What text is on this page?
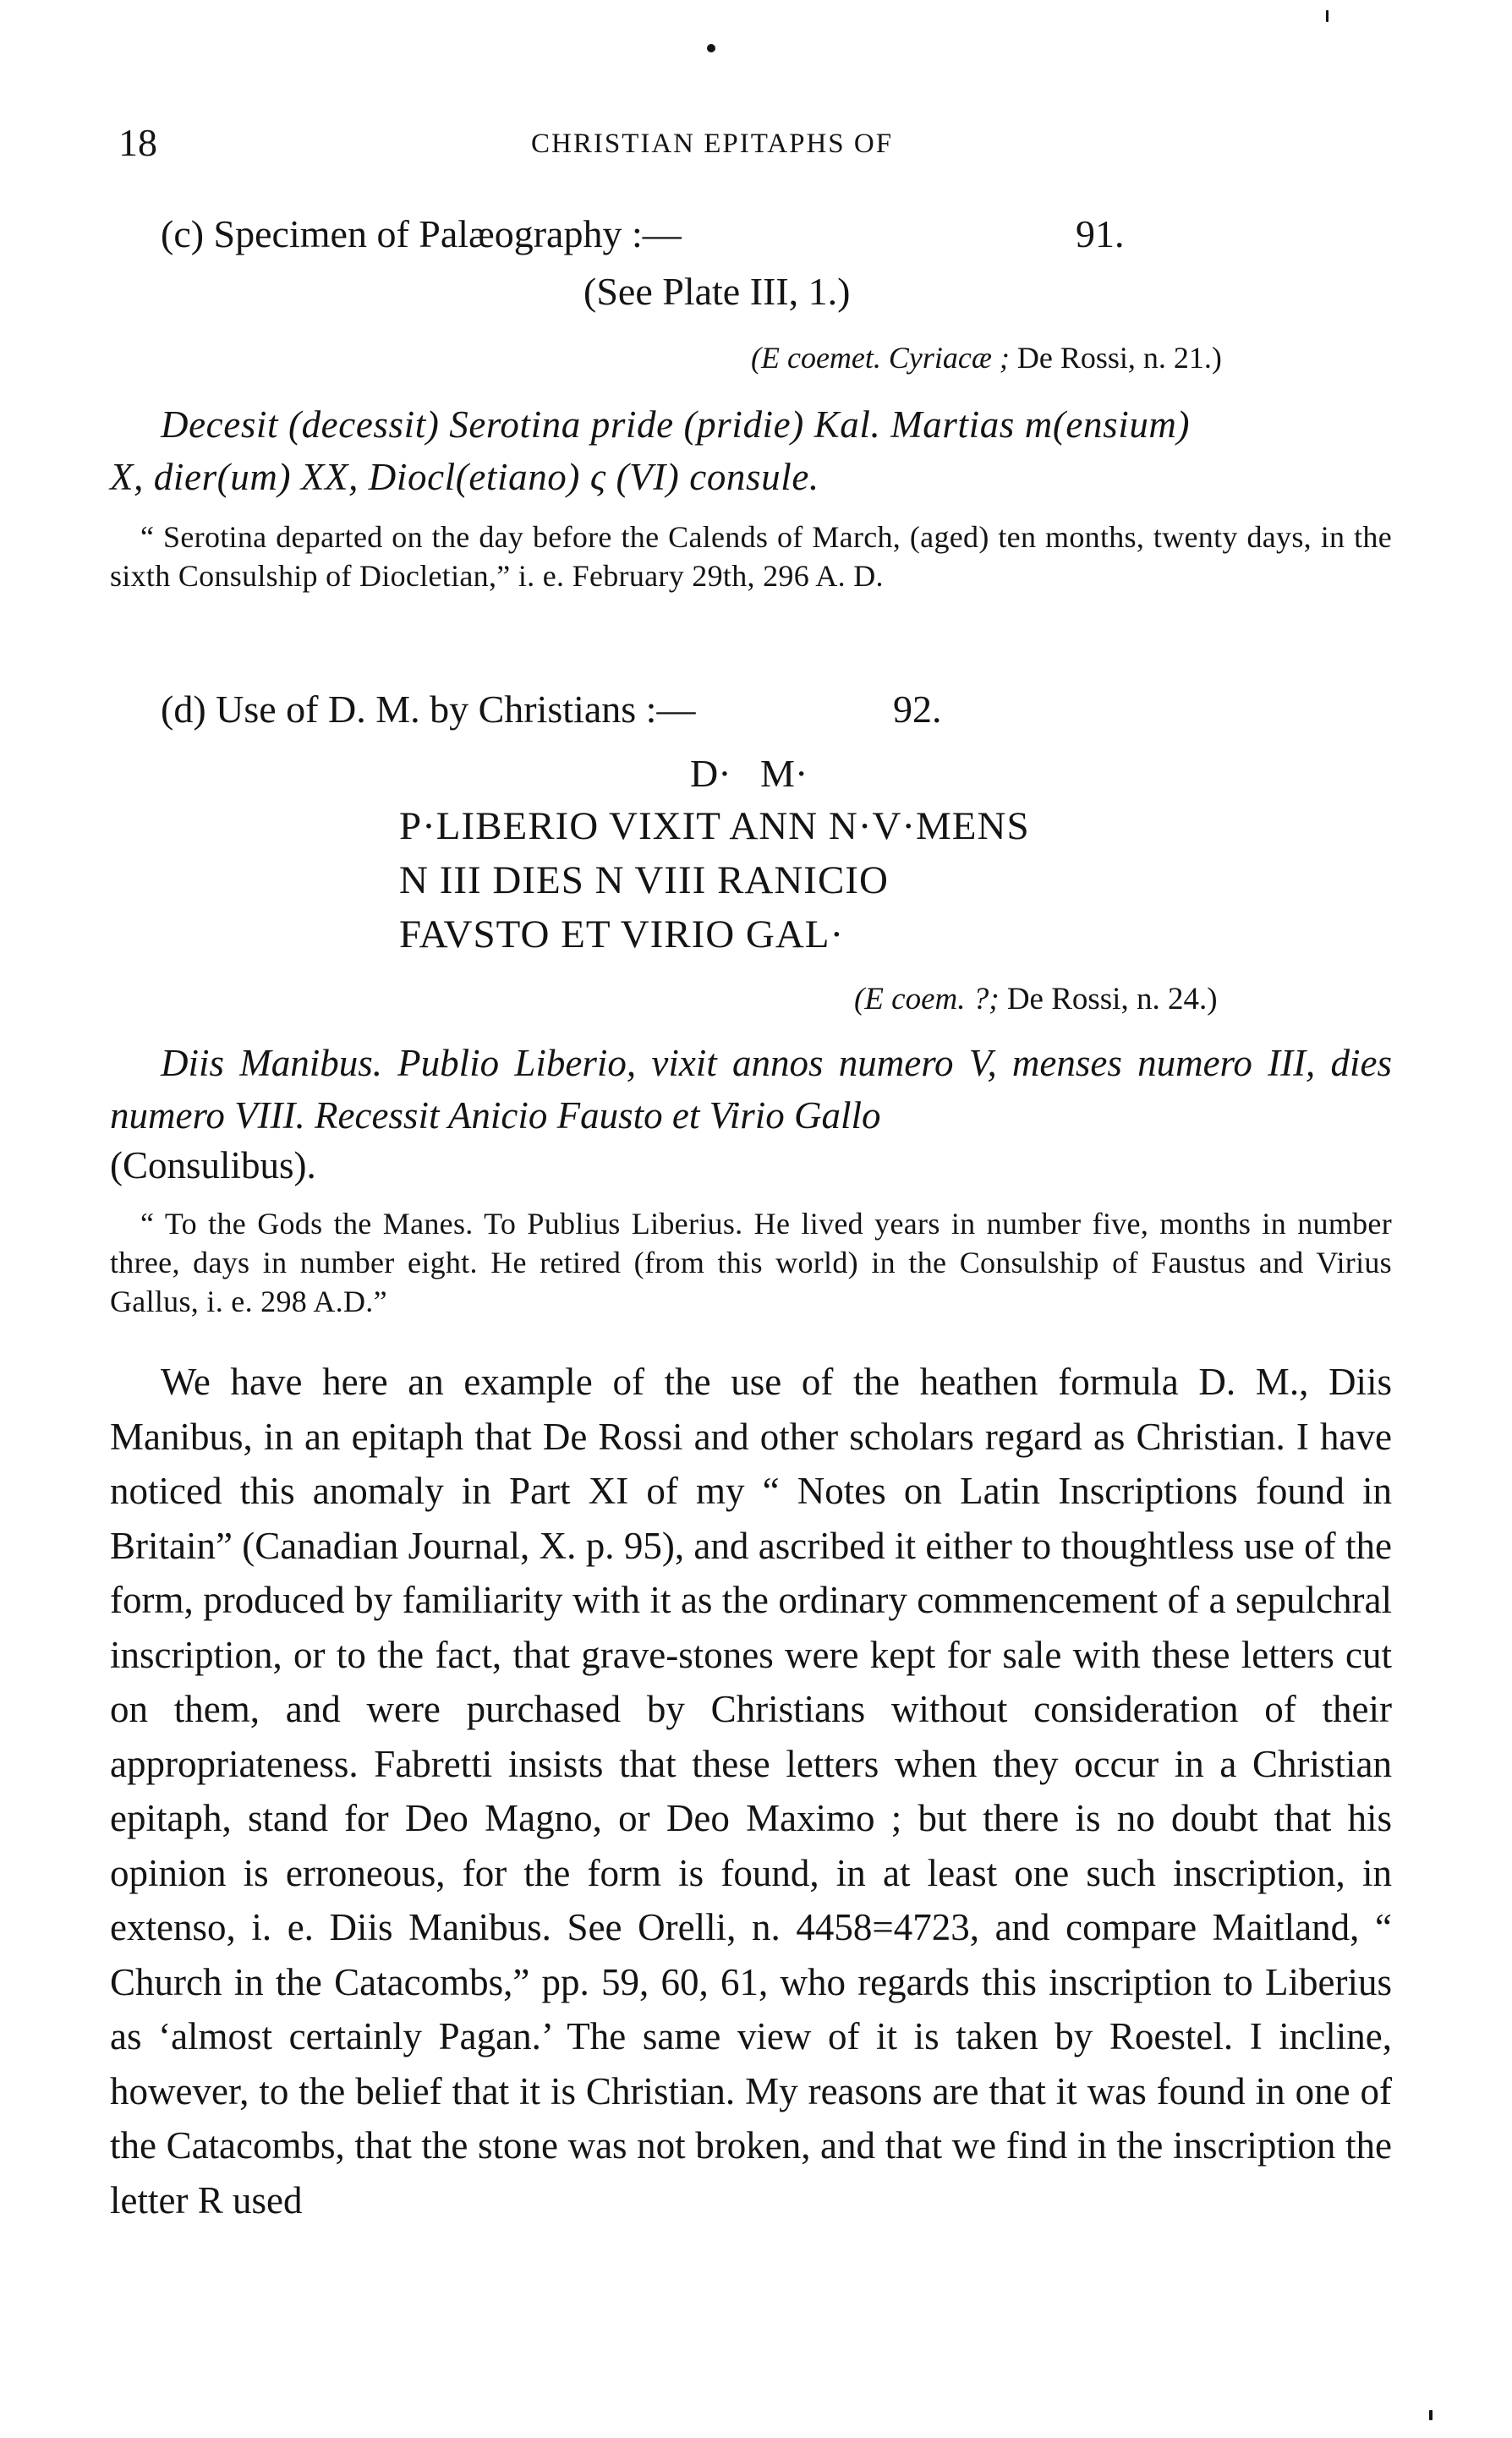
18	CHRISTIAN EPITAPHS OF
(c) Specimen of Palæography :—	91.
(See Plate III, 1.)
(E coemet. Cyriacæ ; De Rossi, n. 21.)
Decesit (decessit) Serotina pride (pridie) Kal. Martias m(ensium)
X, dier(um) XX, Diocl(etiano) ς (VI) consule.
“ Serotina departed on the day before the Calends of March, (aged) ten months, twenty days, in the sixth Consulship of Diocletian,” i. e. February 29th, 296 A. D.
(d) Use of D. M. by Christians :—	92.
D·   M·
P·LIBERIO VIXIT ANN N·V·MENS
N III DIES N VIII RANICIO
FAVSTO ET VIRIO GAL·
(E coem. ?; De Rossi, n. 24.)
Diis Manibus. Publio Liberio, vixit annos numero V, menses numero III, dies numero VIII. Recessit Anicio Fausto et Virio Gallo
(Consulibus).
“ To the Gods the Manes. To Publius Liberius. He lived years in number five, months in number three, days in number eight. He retired (from this world) in the Consulship of Faustus and Virius Gallus, i. e. 298 A.D.”
We have here an example of the use of the heathen formula D. M., Diis Manibus, in an epitaph that De Rossi and other scholars regard as Christian. I have noticed this anomaly in Part XI of my “ Notes on Latin Inscriptions found in Britain” (Canadian Journal, X. p. 95), and ascribed it either to thoughtless use of the form, produced by familiarity with it as the ordinary commencement of a sepulchral inscription, or to the fact, that grave-stones were kept for sale with these letters cut on them, and were purchased by Christians without consideration of their appropriateness. Fabretti insists that these letters when they occur in a Christian epitaph, stand for Deo Magno, or Deo Maximo ; but there is no doubt that his opinion is erroneous, for the form is found, in at least one such inscription, in extenso, i. e. Diis Manibus. See Orelli, n. 4458=4723, and compare Maitland, “ Church in the Catacombs,” pp. 59, 60, 61, who regards this inscription to Liberius as ‘almost certainly Pagan.’ The same view of it is taken by Roestel. I incline, however, to the belief that it is Christian. My reasons are that it was found in one of the Catacombs, that the stone was not broken, and that we find in the inscription the letter R used
